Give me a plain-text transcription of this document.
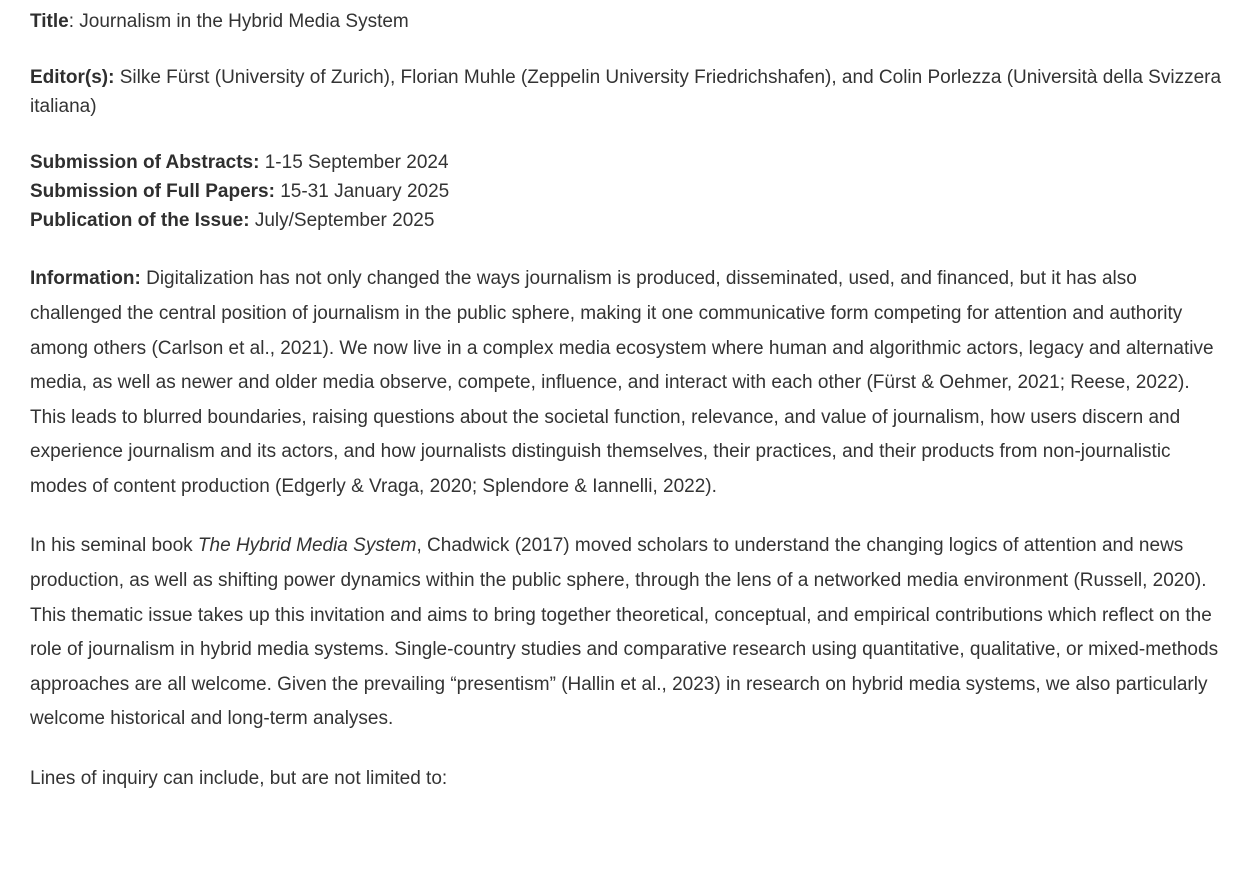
Title: Journalism in the Hybrid Media System

Editor(s): Silke Fürst (University of Zurich), Florian Muhle (Zeppelin University Friedrichshafen), and Colin Porlezza (Università della Svizzera italiana)

Submission of Abstracts: 1-15 September 2024
Submission of Full Papers: 15-31 January 2025
Publication of the Issue: July/September 2025

Information: Digitalization has not only changed the ways journalism is produced, disseminated, used, and financed, but it has also challenged the central position of journalism in the public sphere, making it one communicative form competing for attention and authority among others (Carlson et al., 2021). We now live in a complex media ecosystem where human and algorithmic actors, legacy and alternative media, as well as newer and older media observe, compete, influence, and interact with each other (Fürst & Oehmer, 2021; Reese, 2022). This leads to blurred boundaries, raising questions about the societal function, relevance, and value of journalism, how users discern and experience journalism and its actors, and how journalists distinguish themselves, their practices, and their products from non-journalistic modes of content production (Edgerly & Vraga, 2020; Splendore & Iannelli, 2022).

In his seminal book The Hybrid Media System, Chadwick (2017) moved scholars to understand the changing logics of attention and news production, as well as shifting power dynamics within the public sphere, through the lens of a networked media environment (Russell, 2020). This thematic issue takes up this invitation and aims to bring together theoretical, conceptual, and empirical contributions which reflect on the role of journalism in hybrid media systems. Single-country studies and comparative research using quantitative, qualitative, or mixed-methods approaches are all welcome. Given the prevailing “presentism” (Hallin et al., 2023) in research on hybrid media systems, we also particularly welcome historical and long-term analyses.

Lines of inquiry can include, but are not limited to:
